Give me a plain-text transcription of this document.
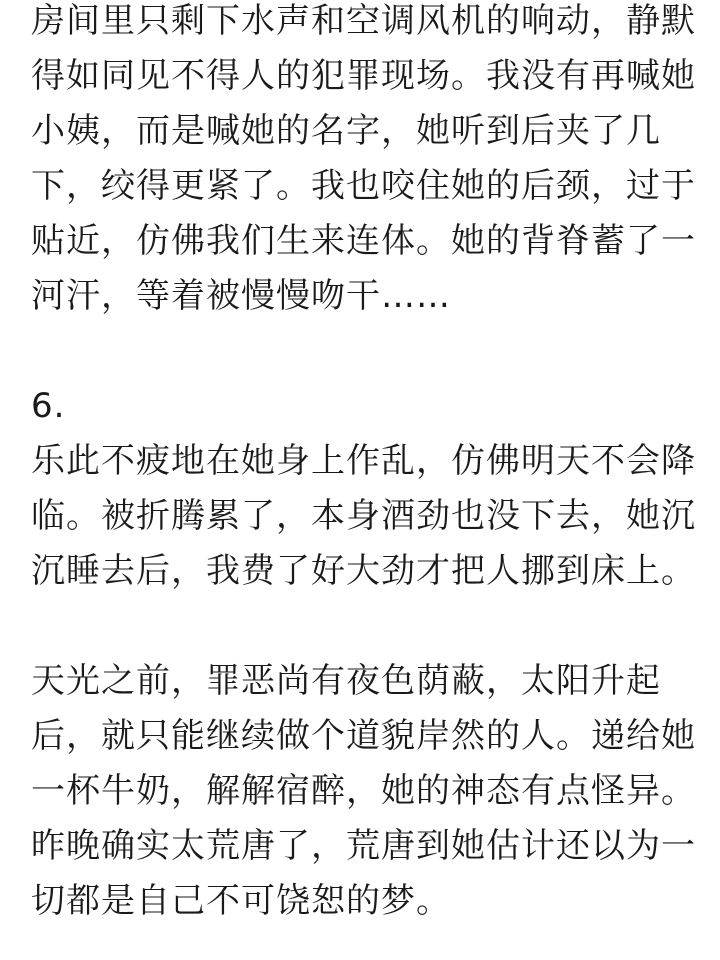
房间里只剩下水声和空调风机的响动，静默
得如同见不得人的犯罪现场。我没有再喊她
小姨，而是喊她的名字，她听到后夹了几
下，绞得更紧了。我也咬住她的后颈，过于
贴近，仿佛我们生来连体。她的背脊蓄了一
河汗，等着被慢慢吻干……
6.
乐此不疲地在她身上作乱，仿佛明天不会降
临。被折腾累了，本身酒劲也没下去，她沉
沉睡去后，我费了好大劲才把人挪到床上。
天光之前，罪恶尚有夜色荫蔽，太阳升起
后，就只能继续做个道貌岸然的人。递给她
一杯牛奶，解解宿醉，她的神态有点怪异。
昨晚确实太荒唐了，荒唐到她估计还以为一
切都是自己不可饶恕的梦。
